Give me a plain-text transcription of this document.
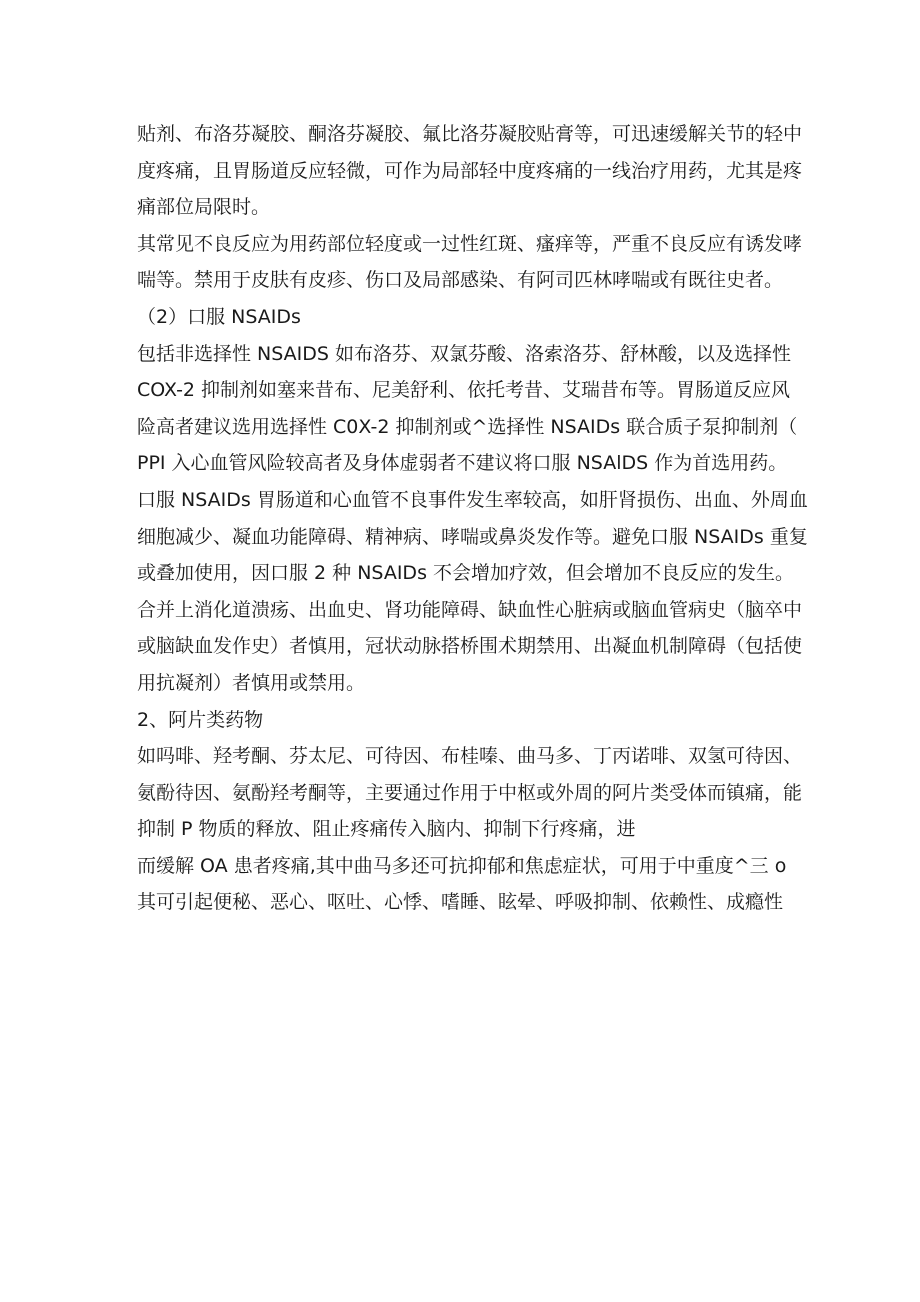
贴剂、布洛芬凝胶、酮洛芬凝胶、氟比洛芬凝胶贴膏等，可迅速缓解关节的轻中
度疼痛，且胃肠道反应轻微，可作为局部轻中度疼痛的一线治疗用药，尤其是疼
痛部位局限时。
其常见不良反应为用药部位轻度或一过性红斑、瘙痒等，严重不良反应有诱发哮
喘等。禁用于皮肤有皮疹、伤口及局部感染、有阿司匹林哮喘或有既往史者。
（2）口服 NSAIDs
包括非选择性 NSAIDS 如布洛芬、双氯芬酸、洛索洛芬、舒林酸，以及选择性
COX-2 抑制剂如塞来昔布、尼美舒利、依托考昔、艾瑞昔布等。胃肠道反应风
险高者建议选用选择性 C0X-2 抑制剂或^选择性 NSAIDs 联合质子泵抑制剂（
PPI 入心血管风险较高者及身体虚弱者不建议将口服 NSAlDS 作为首选用药。
口服 NSAIDs 胃肠道和心血管不良事件发生率较高，如肝肾损伤、出血、外周血
细胞减少、凝血功能障碍、精神病、哮喘或鼻炎发作等。避免口服 NSAIDs 重复
或叠加使用，因口服 2 种 NSAIDs 不会增加疗效，但会增加不良反应的发生。
合并上消化道溃疡、出血史、肾功能障碍、缺血性心脏病或脑血管病史（脑卒中
或脑缺血发作史）者慎用，冠状动脉搭桥围术期禁用、出凝血机制障碍（包括使
用抗凝剂）者慎用或禁用。
2、阿片类药物
如吗啡、羟考酮、芬太尼、可待因、布桂嗪、曲马多、丁丙诺啡、双氢可待因、
氨酚待因、氨酚羟考酮等，主要通过作用于中枢或外周的阿片类受体而镇痛，能
抑制 P 物质的释放、阻止疼痛传入脑内、抑制下行疼痛，进
而缓解 OA 患者疼痛,其中曲马多还可抗抑郁和焦虑症状，可用于中重度^三 o
其可引起便秘、恶心、呕吐、心悸、嗜睡、眩晕、呼吸抑制、依赖性、成瘾性
